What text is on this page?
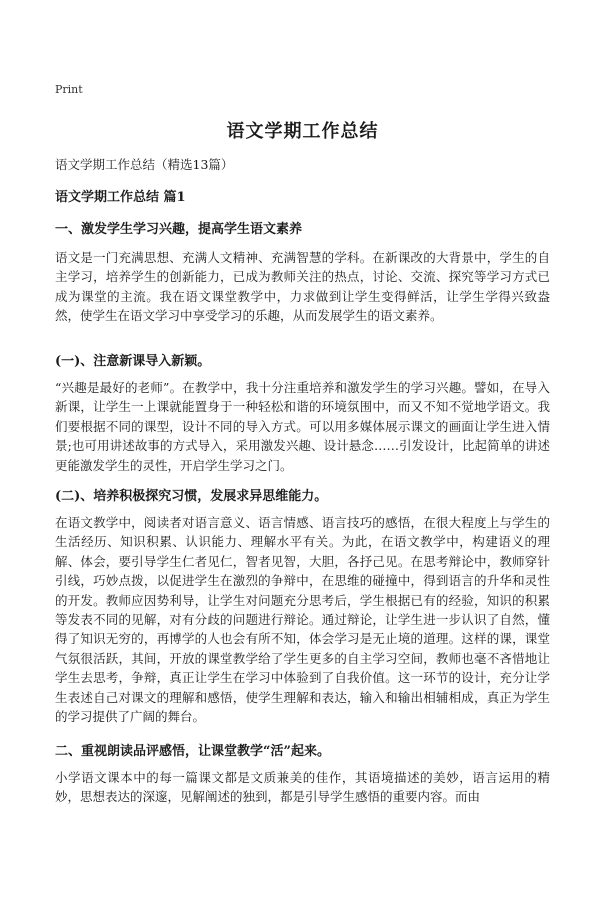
Print
语文学期工作总结
语文学期工作总结（精选13篇）
语文学期工作总结 篇1
一、激发学生学习兴趣，提高学生语文素养
语文是一门充满思想、充满人文精神、充满智慧的学科。在新课改的大背景中，学生的自主学习，培养学生的创新能力，已成为教师关注的热点，讨论、交流、探究等学习方式已成为课堂的主流。我在语文课堂教学中，力求做到让学生变得鲜活，让学生学得兴致盎然，使学生在语文学习中享受学习的乐趣，从而发展学生的语文素养。
(一)、注意新课导入新颖。
“兴趣是最好的老师”。在教学中，我十分注重培养和激发学生的学习兴趣。譬如，在导入新课，让学生一上课就能置身于一种轻松和谐的环境氛围中，而又不知不觉地学语文。我们要根据不同的课型，设计不同的导入方式。可以用多媒体展示课文的画面让学生进入情景;也可用讲述故事的方式导入，采用激发兴趣、设计悬念……引发设计，比起简单的讲述更能激发学生的灵性，开启学生学习之门。
(二)、培养积极探究习惯，发展求异思维能力。
在语文教学中，阅读者对语言意义、语言情感、语言技巧的感悟，在很大程度上与学生的生活经历、知识积累、认识能力、理解水平有关。为此，在语文教学中，构建语义的理解、体会，要引导学生仁者见仁，智者见智，大胆，各抒己见。在思考辩论中，教师穿针引线，巧妙点拨，以促进学生在激烈的争辩中，在思维的碰撞中，得到语言的升华和灵性的开发。教师应因势利导，让学生对问题充分思考后，学生根据已有的经验，知识的积累等发表不同的见解，对有分歧的问题进行辩论。通过辩论，让学生进一步认识了自然，懂得了知识无穷的，再博学的人也会有所不知，体会学习是无止境的道理。这样的课，课堂气氛很活跃，其间，开放的课堂教学给了学生更多的自主学习空间，教师也毫不吝惜地让学生去思考，争辩，真正让学生在学习中体验到了自我价值。这一环节的设计，充分让学生表述自己对课文的理解和感悟，使学生理解和表达，输入和输出相辅相成，真正为学生的学习提供了广阔的舞台。
二、重视朗读品评感悟，让课堂教学“活”起来。
小学语文课本中的每一篇课文都是文质兼美的佳作，其语境描述的美妙，语言运用的精妙，思想表达的深邃，见解阐述的独到，都是引导学生感悟的重要内容。而由
